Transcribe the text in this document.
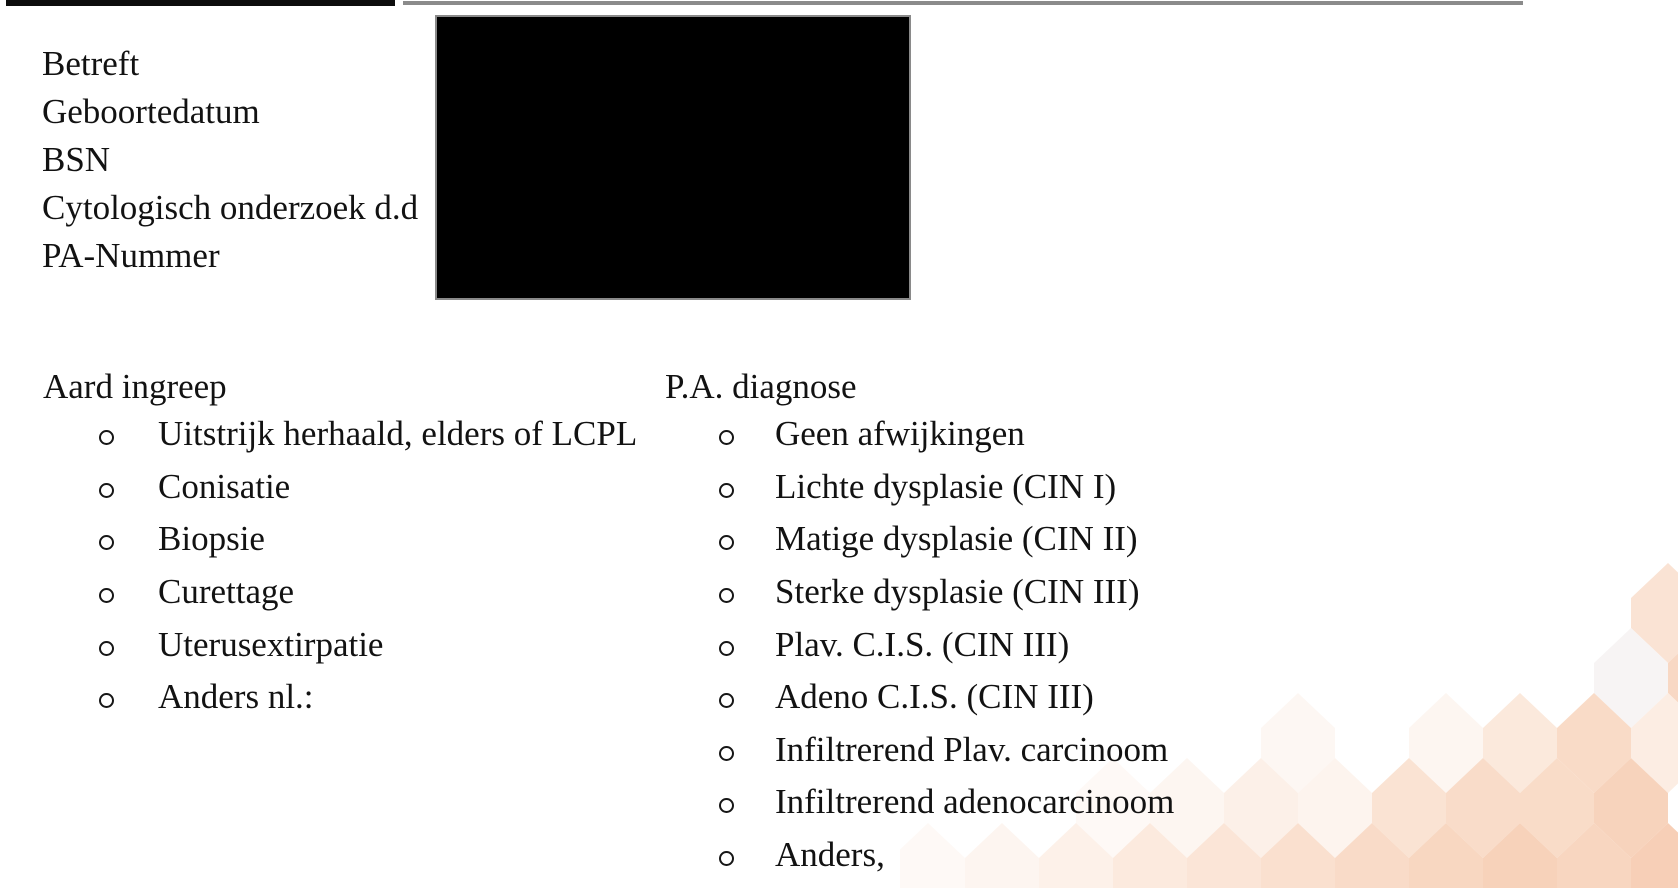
Betreft
Geboortedatum
BSN
Cytologisch onderzoek d.d
PA-Nummer
Aard ingreep
Uitstrijk herhaald, elders of LCPL
Conisatie
Biopsie
Curettage
Uterusextirpatie
Anders nl.:
P.A. diagnose
Geen afwijkingen
Lichte dysplasie (CIN I)
Matige dysplasie (CIN II)
Sterke dysplasie (CIN III)
Plav. C.I.S. (CIN III)
Adeno C.I.S. (CIN III)
Infiltrerend Plav. carcinoom
Infiltrerend adenocarcinoom
Anders,
